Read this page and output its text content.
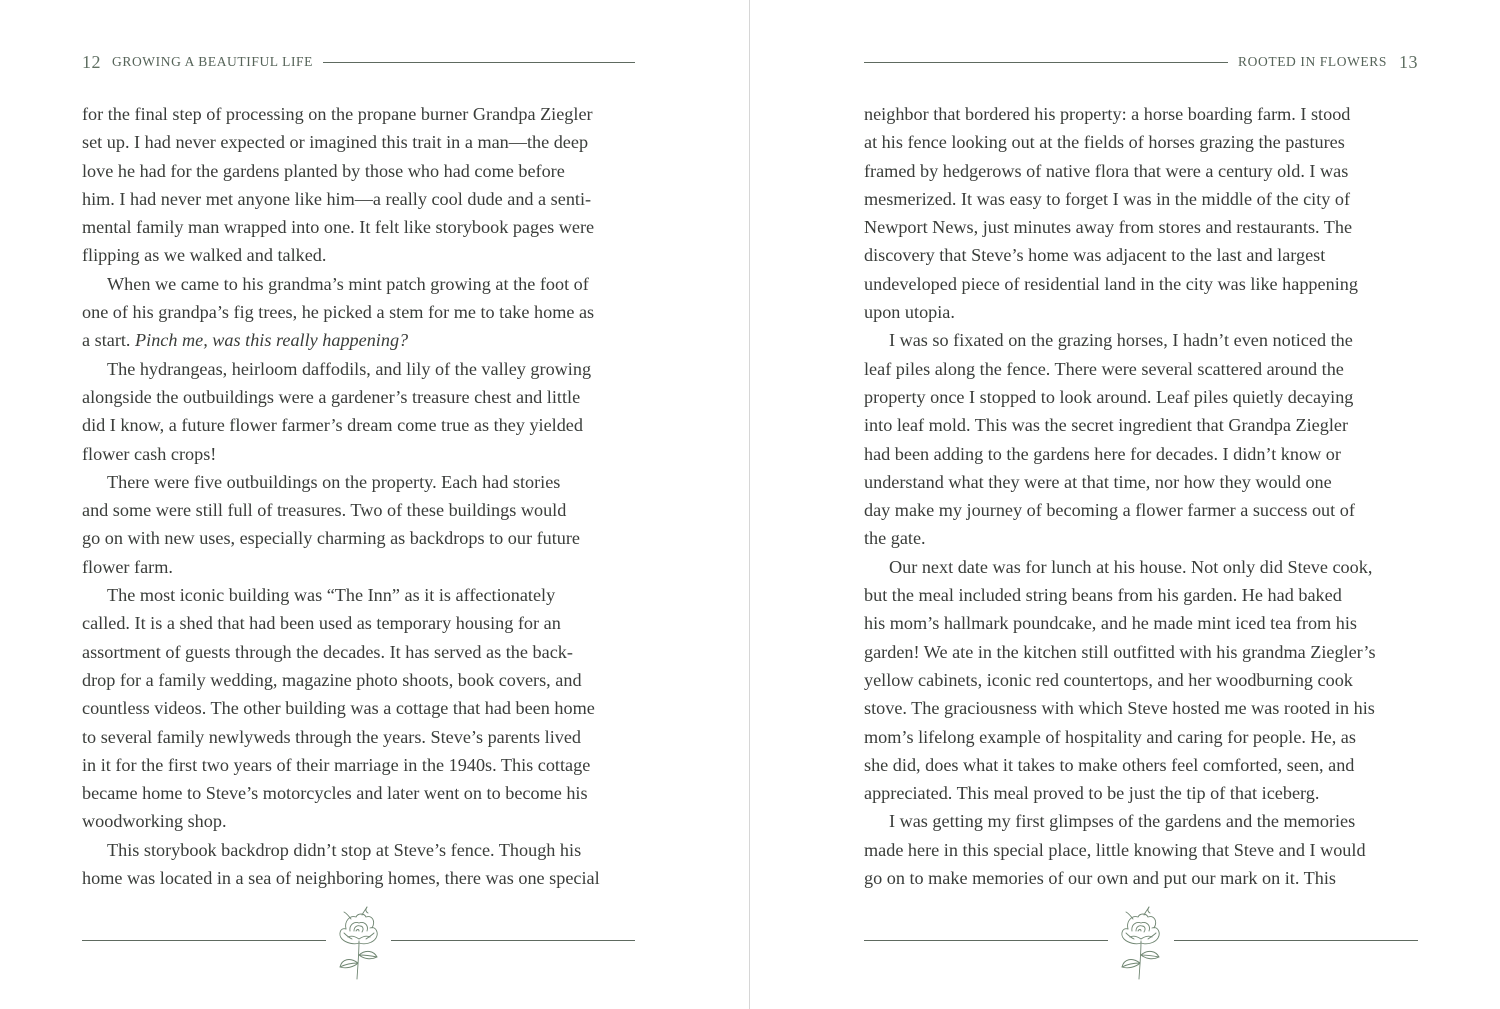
12 GROWING A BEAUTIFUL LIFE

for the final step of processing on the propane burner Grandpa Ziegler
set up. I had never expected or imagined this trait in a man—the deep
love he had for the gardens planted by those who had come before
him. I had never met anyone like him—a really cool dude and a senti-
mental family man wrapped into one. It felt like storybook pages were
flipping as we walked and talked.

When we came to his grandma’s mint patch growing at the foot of
one of his grandpa’s fig trees, he picked a stem for me to take home as
a start. Pinch me, was this really happening?

The hydrangeas, heirloom daffodils, and lily of the valley growing
alongside the outbuildings were a gardener’s treasure chest and little
did I know, a future flower farmer’s dream come true as they yielded
flower cash crops!

There were five outbuildings on the property. Each had stories
and some were still full of treasures. Two of these buildings would
go on with new uses, especially charming as backdrops to our future
flower farm.

The most iconic building was “The Inn” as it is affectionately
called. It is a shed that had been used as temporary housing for an
assortment of guests through the decades. It has served as the back-
drop for a family wedding, magazine photo shoots, book covers, and
countless videos. The other building was a cottage that had been home
to several family newlyweds through the years. Steve’s parents lived
in it for the first two years of their marriage in the 1940s. This cottage
became home to Steve’s motorcycles and later went on to become his
woodworking shop.

This storybook backdrop didn’t stop at Steve’s fence. Though his
home was located in a sea of neighboring homes, there was one special

ROOTED IN FLOWERS 13

neighbor that bordered his property: a horse boarding farm. I stood
at his fence looking out at the fields of horses grazing the pastures
framed by hedgerows of native flora that were a century old. I was
mesmerized. It was easy to forget I was in the middle of the city of
Newport News, just minutes away from stores and restaurants. The
discovery that Steve’s home was adjacent to the last and largest
undeveloped piece of residential land in the city was like happening
upon utopia.

I was so fixated on the grazing horses, I hadn’t even noticed the
leaf piles along the fence. There were several scattered around the
property once I stopped to look around. Leaf piles quietly decaying
into leaf mold. This was the secret ingredient that Grandpa Ziegler
had been adding to the gardens here for decades. I didn’t know or
understand what they were at that time, nor how they would one
day make my journey of becoming a flower farmer a success out of
the gate.

Our next date was for lunch at his house. Not only did Steve cook,
but the meal included string beans from his garden. He had baked
his mom’s hallmark poundcake, and he made mint iced tea from his
garden! We ate in the kitchen still outfitted with his grandma Ziegler’s
yellow cabinets, iconic red countertops, and her woodburning cook
stove. The graciousness with which Steve hosted me was rooted in his
mom’s lifelong example of hospitality and caring for people. He, as
she did, does what it takes to make others feel comforted, seen, and
appreciated. This meal proved to be just the tip of that iceberg.

I was getting my first glimpses of the gardens and the memories
made here in this special place, little knowing that Steve and I would
go on to make memories of our own and put our mark on it. This
